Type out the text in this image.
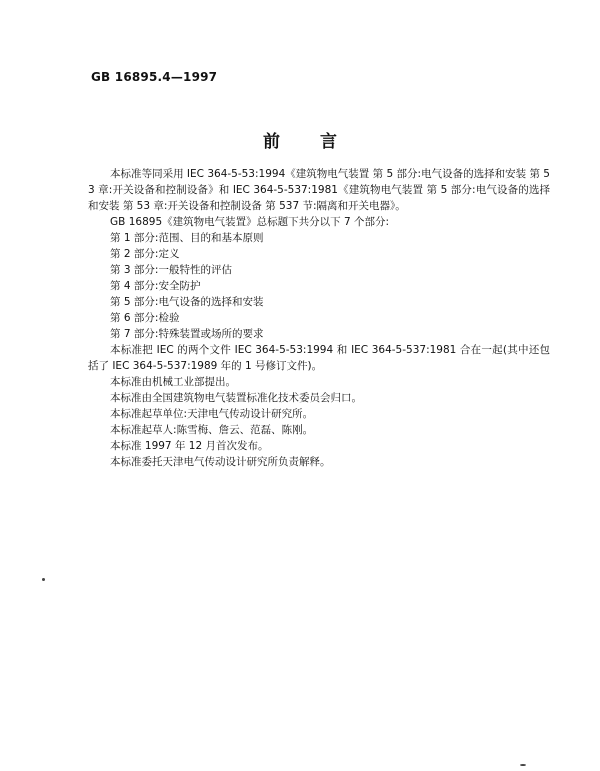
GB 16895.4—1997
前言

本标准等同采用 IEC 364-5-53:1994《建筑物电气装置 第 5 部分:电气设备的选择和安装 第 53 章:开关设备和控制设备》和 IEC 364-5-537:1981《建筑物电气装置 第 5 部分:电气设备的选择和安装 第 53 章:开关设备和控制设备 第 537 节:隔离和开关电器》。

GB 16895《建筑物电气装置》总标题下共分以下 7 个部分:

第 1 部分:范围、目的和基本原则

第 2 部分:定义

第 3 部分:一般特性的评估

第 4 部分:安全防护

第 5 部分:电气设备的选择和安装

第 6 部分:检验

第 7 部分:特殊装置或场所的要求

本标准把 IEC 的两个文件 IEC 364-5-53:1994 和 IEC 364-5-537:1981 合在一起(其中还包括了 IEC 364-5-537:1989 年的 1 号修订文件)。

本标准由机械工业部提出。

本标准由全国建筑物电气装置标准化技术委员会归口。

本标准起草单位:天津电气传动设计研究所。

本标准起草人:陈雪梅、詹云、范磊、陈刚。

本标准 1997 年 12 月首次发布。

本标准委托天津电气传动设计研究所负责解释。
